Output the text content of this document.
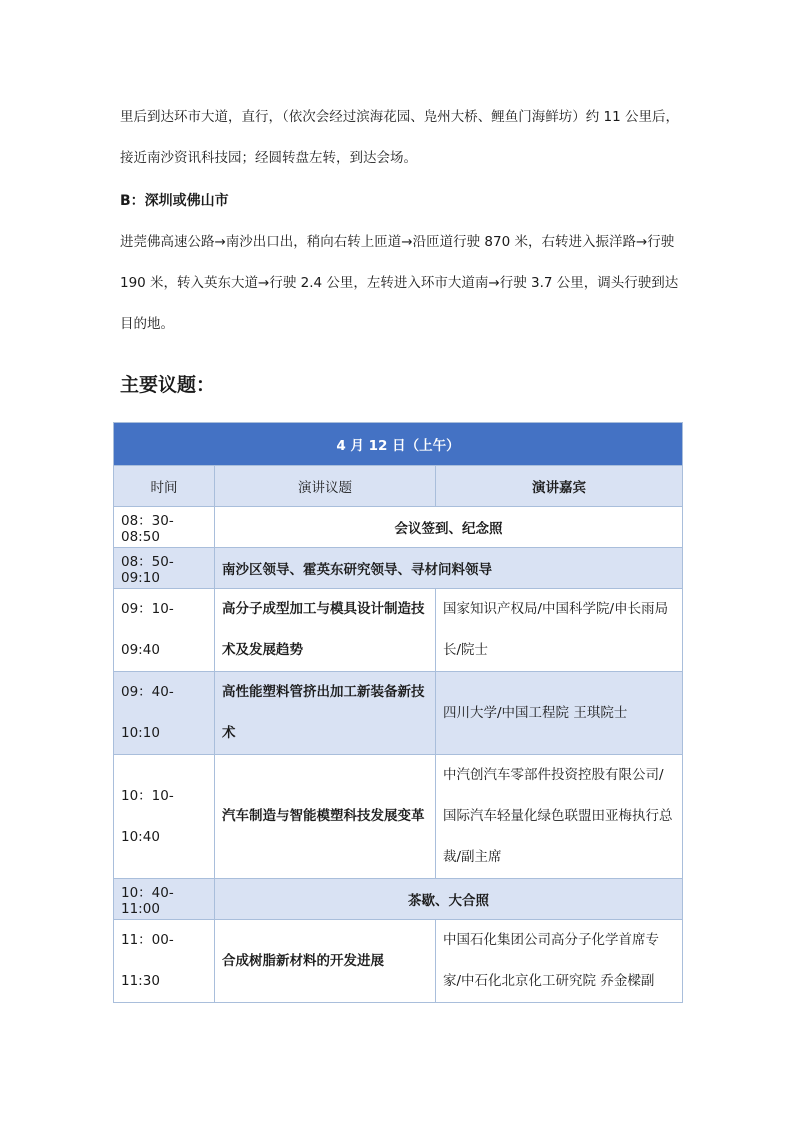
里后到达环市大道，直行，（依次会经过滨海花园、凫州大桥、鲤鱼门海鲜坊）约 11 公里后，接近南沙资讯科技园；经圆转盘左转，到达会场。

B：深圳或佛山市

进莞佛高速公路→南沙出口出，稍向右转上匝道→沿匝道行驶 870 米，右转进入振洋路→行驶 190 米，转入英东大道→行驶 2.4 公里，左转进入环市大道南→行驶 3.7 公里，调头行驶到达目的地。

主要议题：
4 月 12 日（上午）		
时间	演讲议题	演讲嘉宾
08：30-08:50	会议签到、纪念照	
08：50-09:10	南沙区领导、霍英东研究领导、寻材问料领导	
09：10-09:40	高分子成型加工与模具设计制造技术及发展趋势	国家知识产权局/中国科学院/申长雨局长/院士
09：40-10:10	高性能塑料管挤出加工新装备新技术	四川大学/中国工程院 王琪院士
10：10-10:40	汽车制造与智能模塑科技发展变革	中汽创汽车零部件投资控股有限公司/国际汽车轻量化绿色联盟田亚梅执行总裁/副主席
10：40-11:00	茶歇、大合照	
11：00-11:30	合成树脂新材料的开发进展	中国石化集团公司高分子化学首席专家/中石化北京化工研究院 乔金樑副
